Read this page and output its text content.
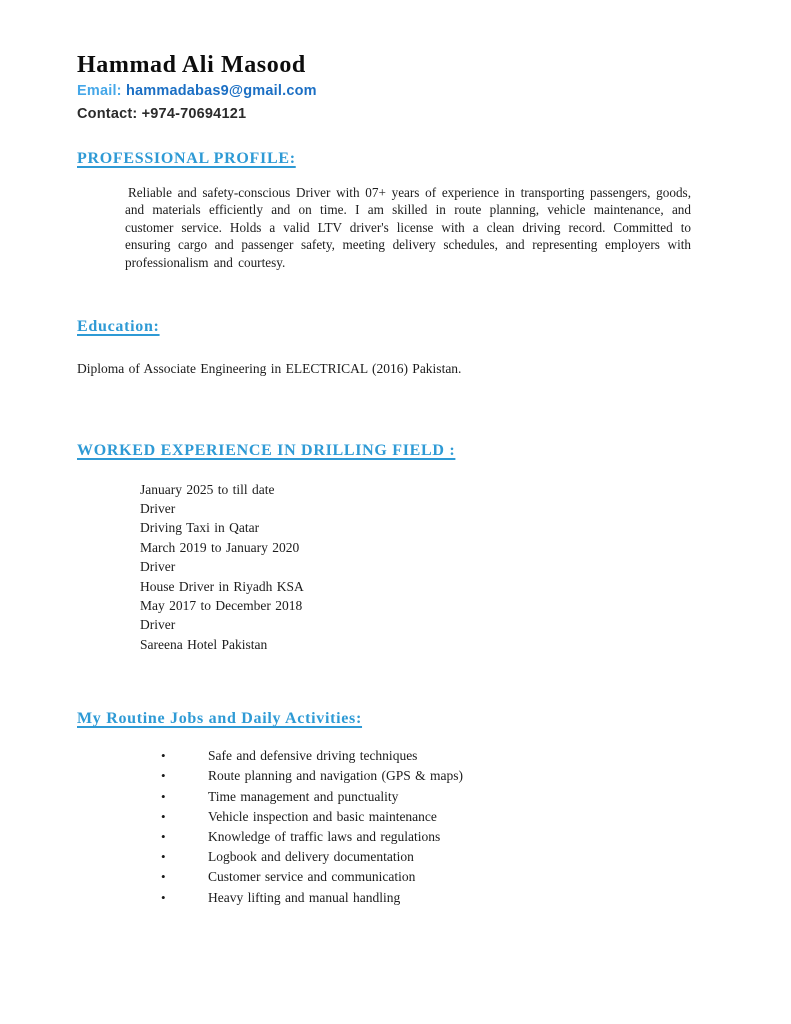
Hammad Ali Masood
Email: hammadabas9@gmail.com
Contact: +974-70694121
PROFESSIONAL PROFILE:

Reliable and safety-conscious Driver with 07+ years of experience in transporting passengers, goods, and materials efficiently and on time. I am skilled in route planning, vehicle maintenance, and customer service. Holds a valid LTV driver's license with a clean driving record. Committed to ensuring cargo and passenger safety, meeting delivery schedules, and representing employers with professionalism and courtesy.

Education:
Diploma of Associate Engineering in ELECTRICAL (2016) Pakistan.
WORKED EXPERIENCE IN DRILLING FIELD :
January 2025 to till date
Driver
Driving Taxi in Qatar
March 2019 to January 2020
Driver
House Driver in Riyadh KSA
May 2017 to December 2018
Driver
Sareena Hotel Pakistan
My Routine Jobs and Daily Activities:
•	Safe and defensive driving techniques
•	Route planning and navigation (GPS & maps)
•	Time management and punctuality
•	Vehicle inspection and basic maintenance
•	Knowledge of traffic laws and regulations
•	Logbook and delivery documentation
•	Customer service and communication
•	Heavy lifting and manual handling
